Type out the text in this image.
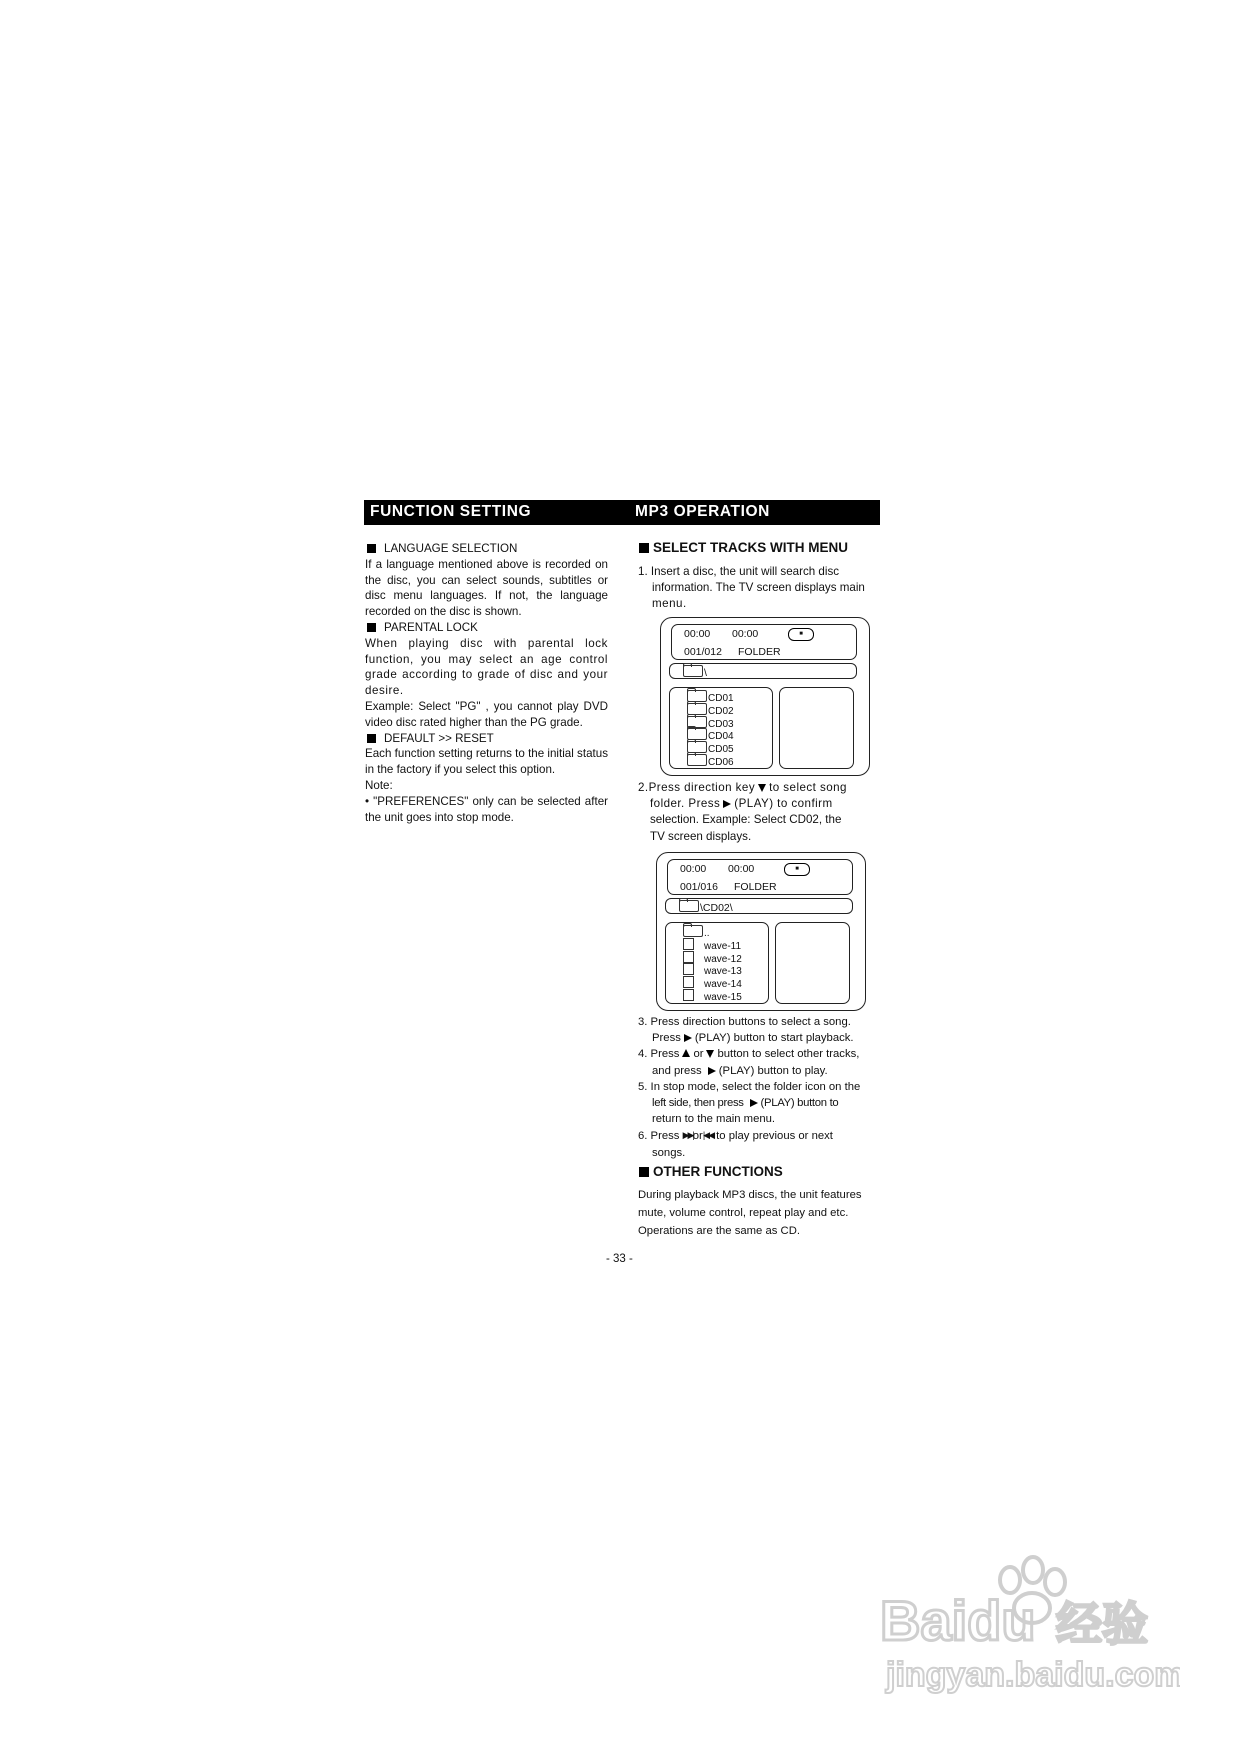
FUNCTION SETTING	MP3 OPERATION

LANGUAGE SELECTION

If a language mentioned above is recorded on the disc, you can select sounds, subtitles or disc menu languages. If not, the language recorded on the disc is shown.

PARENTAL LOCK

When playing disc with parental lock function, you may select an age control grade according to grade of disc and your desire.

Example: Select "PG" , you cannot play DVD video disc rated higher than the PG grade.

DEFAULT >> RESET

Each function setting returns to the initial status in the factory if you select this option.

Note:

• "PREFERENCES" only can be selected after the unit goes into stop mode.

SELECT TRACKS WITH MENU

1. Insert a disc, the unit will search disc

information. The TV screen displays main

menu.

00:00 00:00	■
001/012 FOLDER
\
CD01
CD02
CD03
CD04
CD05
CD06

2.Press direction key to select song

folder. Press (PLAY) to confirm

selection. Example: Select CD02, the

TV screen displays.

00:00 00:00	■
001/016 FOLDER
\CD02\
..
wave-11
wave-12
wave-13
wave-14
wave-15

3. Press direction buttons to select a song.

Press (PLAY) button to start playback.

4. Press or button to select other tracks,

and press (PLAY) button to play.

5. In stop mode, select the folder icon on the

left side, then press (PLAY) button to

return to the main menu.

6. Press ▶▶|or|◀◀ to play previous or next

songs.

OTHER FUNCTIONS

During playback MP3 discs, the unit features

mute, volume control, repeat play and etc.

Operations are the same as CD.

- 33 -
Baidu 经验
jingyan.baidu.com
